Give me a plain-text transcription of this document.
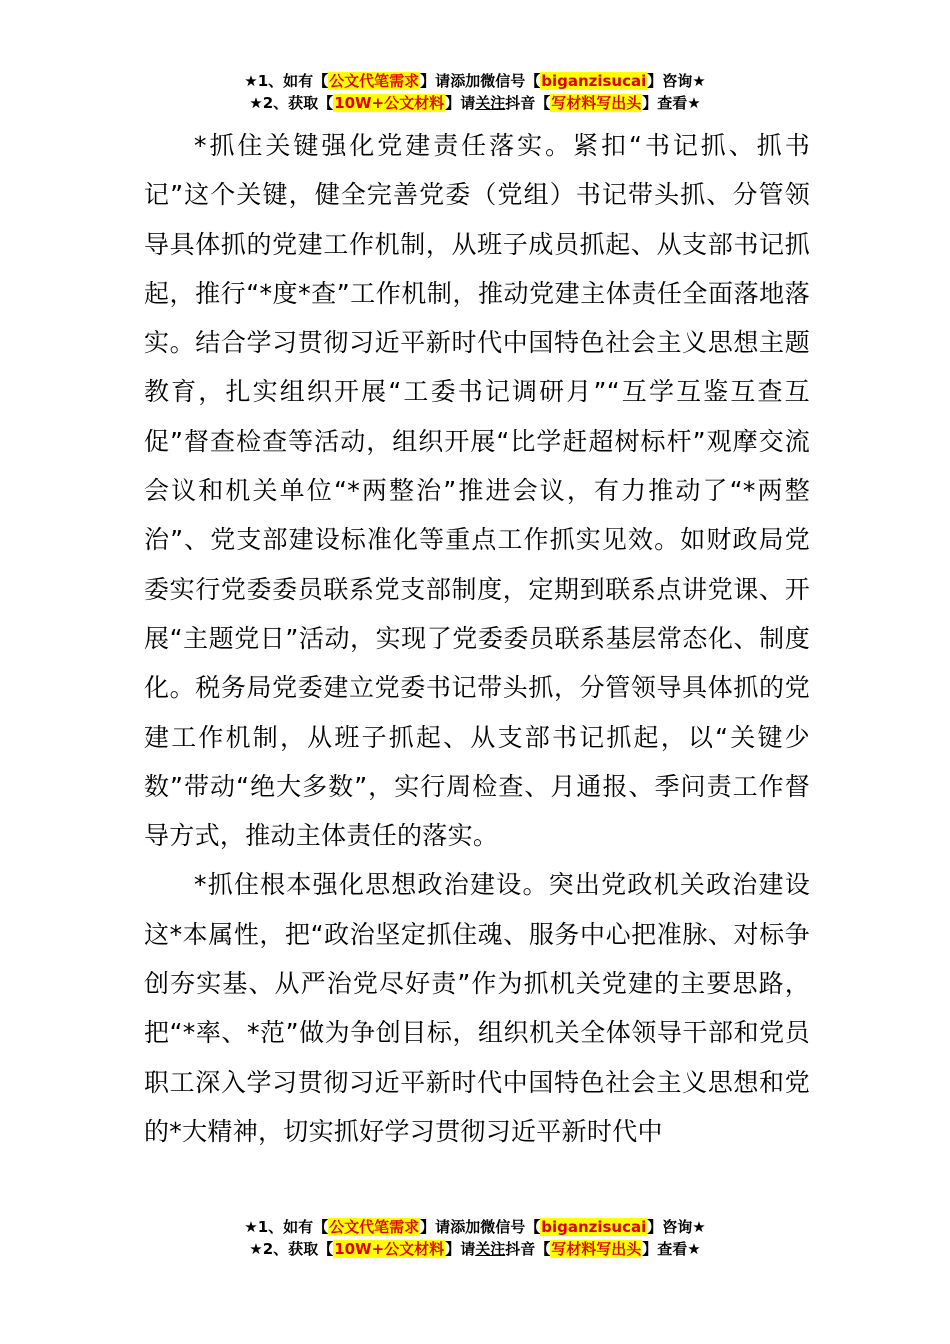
★1、如有【公文代笔需求】请添加微信号【biganzisucai】咨询★
★2、获取【10W+公文材料】请关注抖音【写材料写出头】查看★

*抓住关键强化党建责任落实。紧扣“书记抓、抓书记”这个关键，健全完善党委（党组）书记带头抓、分管领导具体抓的党建工作机制，从班子成员抓起、从支部书记抓起，推行“*度*查”工作机制，推动党建主体责任全面落地落实。结合学习贯彻习近平新时代中国特色社会主义思想主题教育，扎实组织开展“工委书记调研月”“互学互鉴互查互促”督查检查等活动，组织开展“比学赶超树标杆”观摩交流会议和机关单位“*两整治”推进会议，有力推动了“*两整治”、党支部建设标准化等重点工作抓实见效。如财政局党委实行党委委员联系党支部制度，定期到联系点讲党课、开展“主题党日”活动，实现了党委委员联系基层常态化、制度化。税务局党委建立党委书记带头抓，分管领导具体抓的党建工作机制，从班子抓起、从支部书记抓起，以“关键少数”带动“绝大多数”，实行周检查、月通报、季问责工作督导方式，推动主体责任的落实。

*抓住根本强化思想政治建设。突出党政机关政治建设这*本属性，把“政治坚定抓住魂、服务中心把准脉、对标争创夯实基、从严治党尽好责”作为抓机关党建的主要思路，把“*率、*范”做为争创目标，组织机关全体领导干部和党员职工深入学习贯彻习近平新时代中国特色社会主义思想和党的*大精神，切实抓好学习贯彻习近平新时代中

★1、如有【公文代笔需求】请添加微信号【biganzisucai】咨询★
★2、获取【10W+公文材料】请关注抖音【写材料写出头】查看★
